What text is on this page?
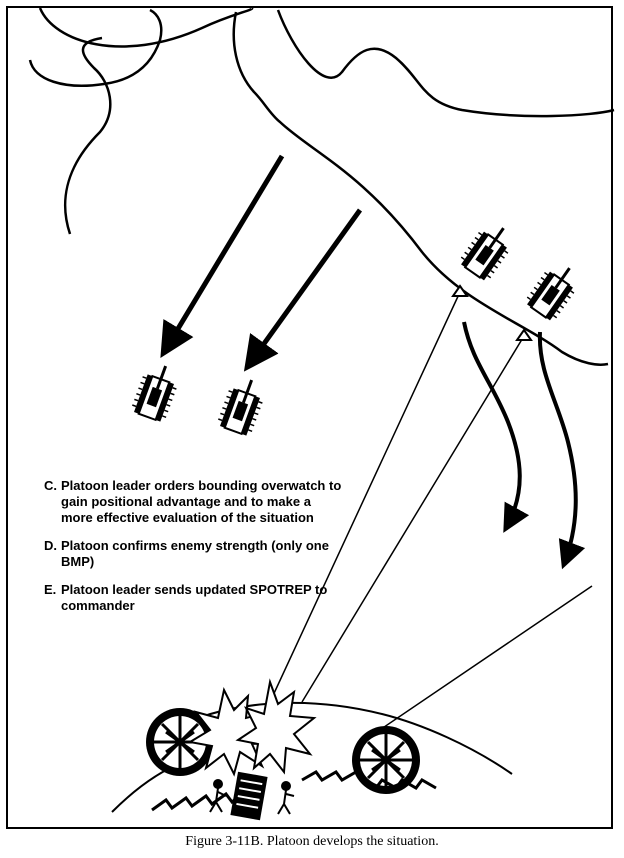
C. Platoon leader orders bounding overwatch to gain positional advantage and to make a more effective evaluation of the situation
D. Platoon confirms enemy strength (only one BMP)
E. Platoon leader sends updated SPOTREP to commander
Figure 3-11B. Platoon develops the situation.
